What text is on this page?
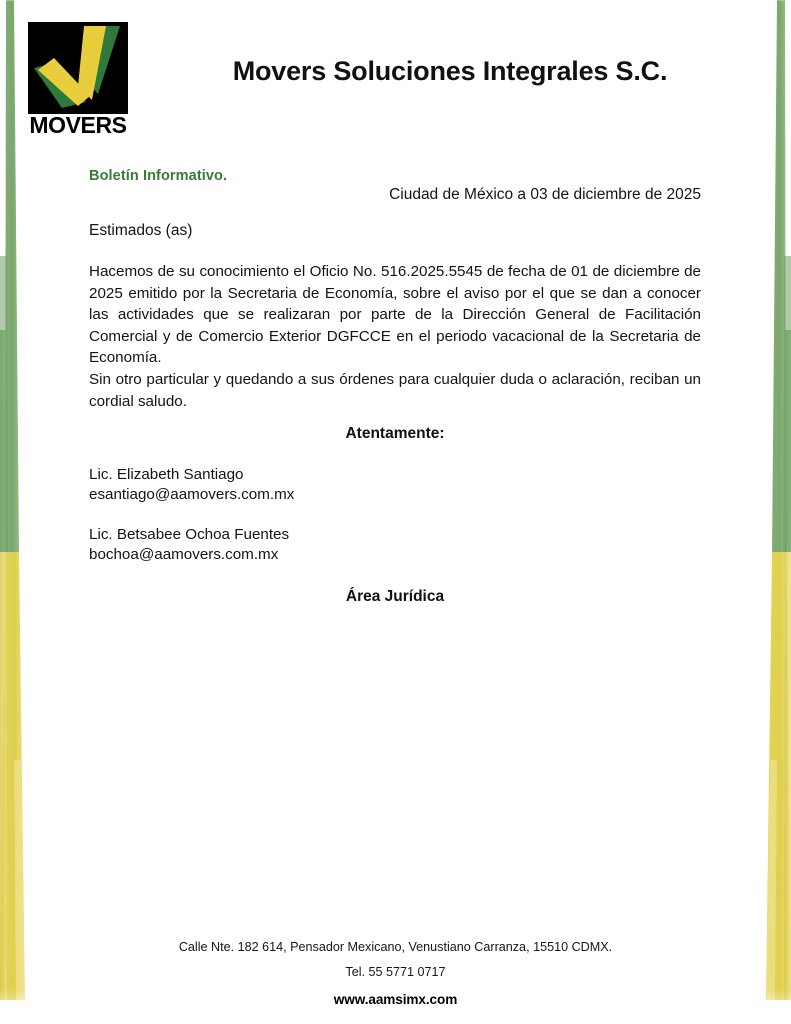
MOVERS
Movers Soluciones Integrales S.C.
Boletín Informativo.
Ciudad de México a 03 de diciembre de 2025
Estimados (as)
Hacemos de su conocimiento el Oficio No. 516.2025.5545 de fecha de 01 de diciembre de 2025 emitido por la Secretaria de Economía, sobre el aviso por el que se dan a conocer las actividades que se realizaran por parte de la Dirección General de Facilitación Comercial y de Comercio Exterior DGFCCE en el periodo vacacional de la Secretaria de Economía.
Sin otro particular y quedando a sus órdenes para cualquier duda o aclaración, reciban un cordial saludo.
Atentamente:
Lic. Elizabeth Santiago
esantiago@aamovers.com.mx
Lic. Betsabee Ochoa Fuentes
bochoa@aamovers.com.mx
Área Jurídica
Calle Nte. 182 614, Pensador Mexicano, Venustiano Carranza, 15510 CDMX.
Tel. 55 5771 0717
www.aamsimx.com
